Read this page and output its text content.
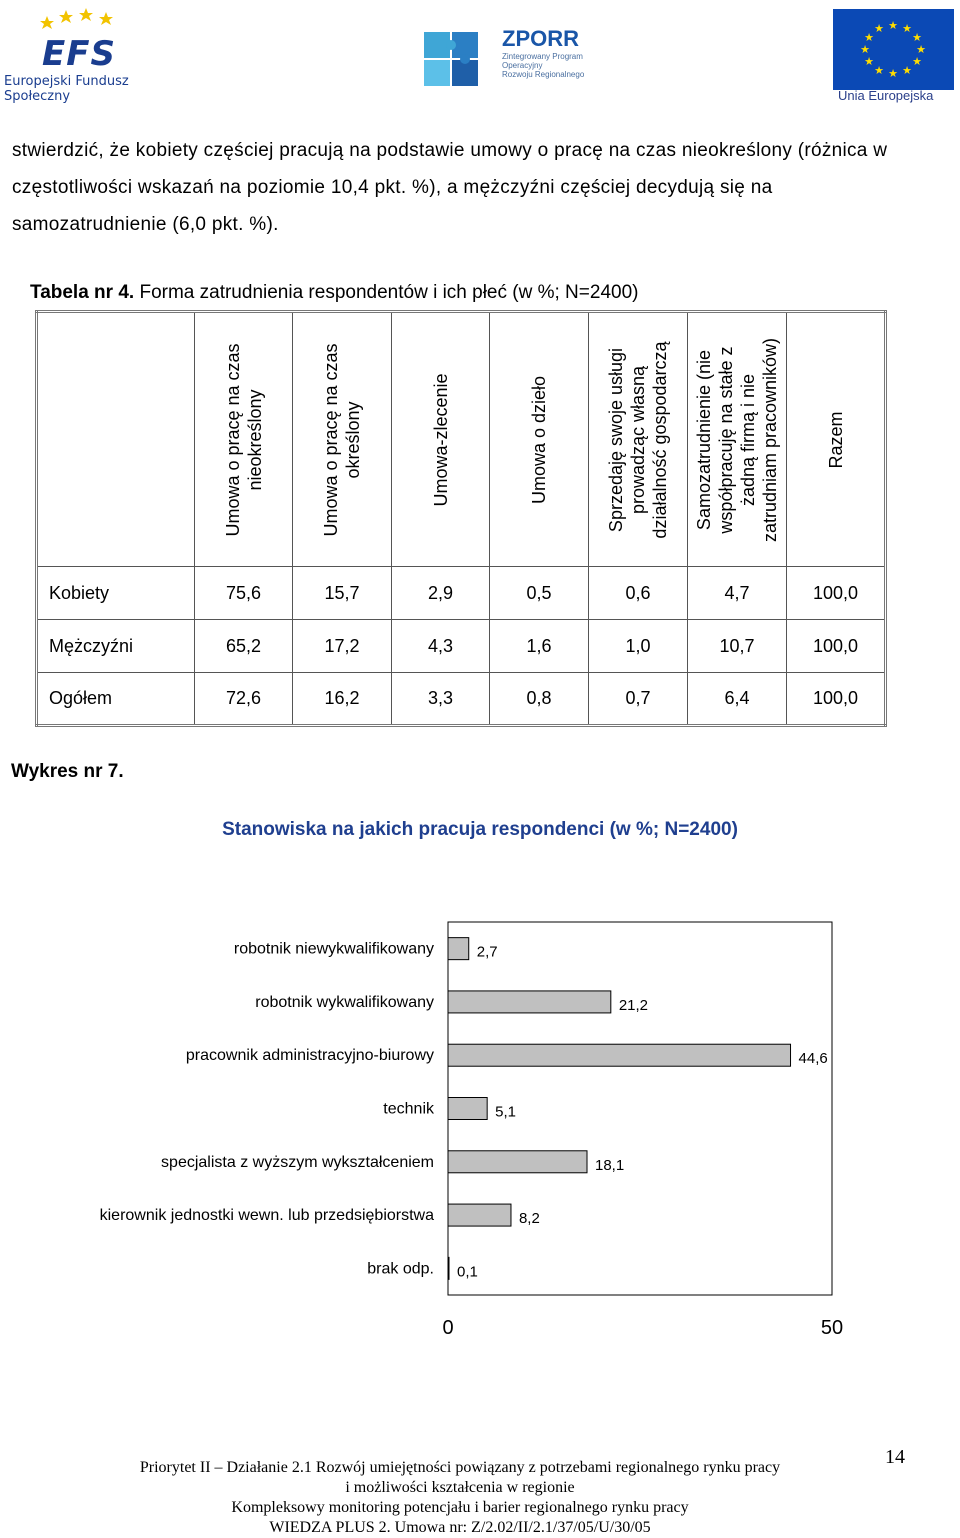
EFS
Europejski Fundusz Społeczny
ZPORR
Zintegrowany Program
Operacyjny
Rozwoju Regionalnego
★ ★
★
★
★
★
★
★
★
★
★
★
Unia Europejska
stwierdzić, że kobiety częściej pracują na podstawie umowy o pracę na czas nieokreślony (różnica w częstotliwości wskazań na poziomie 10,4 pkt. %), a mężczyźni częściej decydują się na samozatrudnienie (6,0 pkt. %).
Tabela nr 4. Forma zatrudnienia respondentów i ich płeć (w %; N=2400)

	Umowa o pracę na czas nieokreślony	Umowa o pracę na czas określony	Umowa-zlecenie	Umowa o dzieło	Sprzedaję swoje usługi prowadząc własną działalność gospodarczą	Samozatrudnienie (nie współpracuję na stałe z żadną firmą i nie zatrudniam pracowników)	Razem

Kobiety	75,6	15,7	2,9	0,5	0,6	4,7	100,0
Mężczyźni	65,2	17,2	4,3	1,6	1,0	10,7	100,0
Ogółem	72,6	16,2	3,3	0,8	0,7	6,4	100,0
Wykres nr 7.
Stanowiska na jakich pracuja respondenci (w %; N=2400)
robotnik niewykwalifikowany	2,7
robotnik wykwalifikowany	21,2
pracownik administracyjno-biurowy	44,6
technik	5,1
specjalista z wyższym wykształceniem	18,1
kierownik jednostki wewn. lub przedsiębiorstwa	8,2
brak odp. 0,1
0	50
Priorytet II – Działanie 2.1 Rozwój umiejętności powiązany z potrzebami regionalnego rynku pracy
i możliwości kształcenia w regionie
Kompleksowy monitoring potencjału i barier regionalnego rynku pracy
WIEDZA PLUS 2. Umowa nr: Z/2.02/II/2.1/37/05/U/30/05
14
